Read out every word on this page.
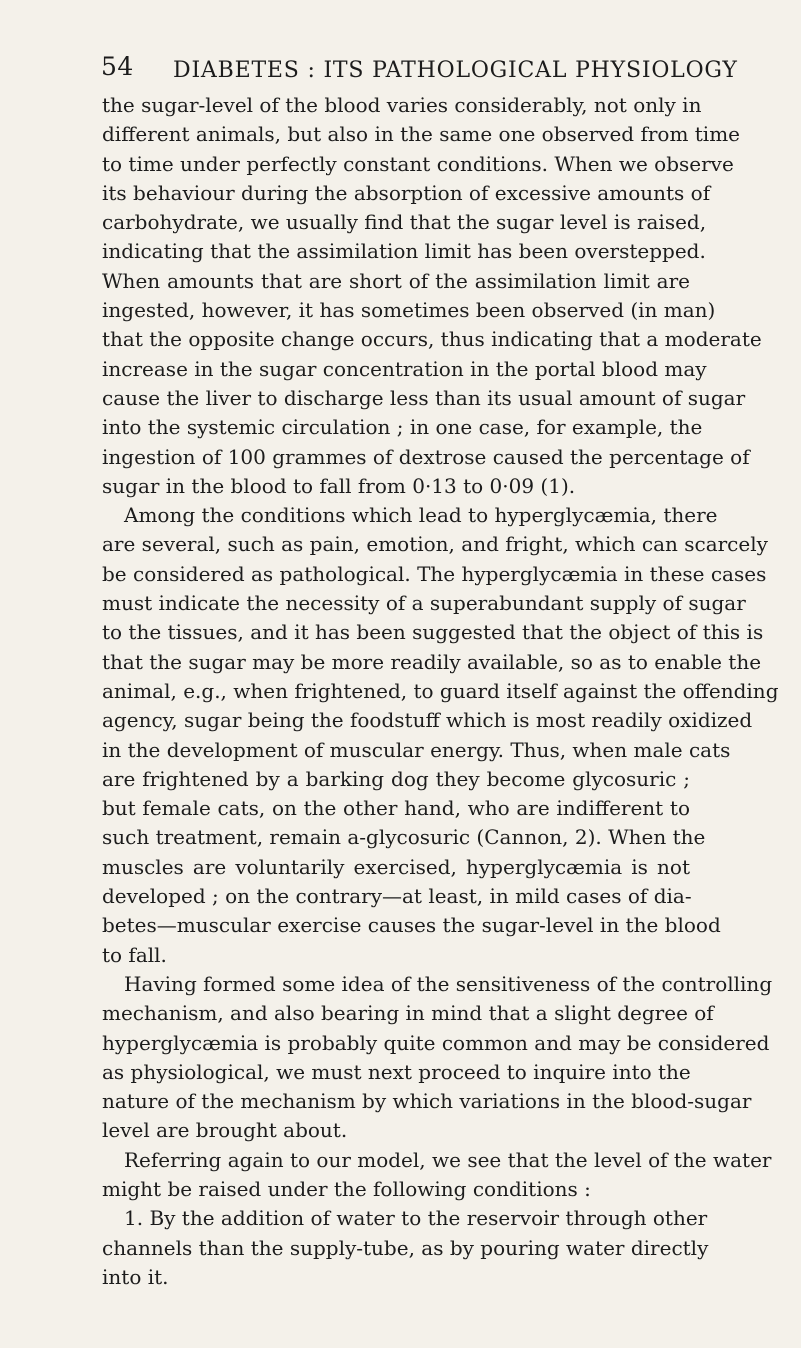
54 DIABETES : ITS PATHOLOGICAL PHYSIOLOGY
the sugar-level of the blood varies considerably, not only in
different animals, but also in the same one observed from time
to time under perfectly constant conditions. When we observe
its behaviour during the absorption of excessive amounts of
carbohydrate, we usually find that the sugar level is raised,
indicating that the assimilation limit has been overstepped.
When amounts that are short of the assimilation limit are
ingested, however, it has sometimes been observed (in man)
that the opposite change occurs, thus indicating that a moderate
increase in the sugar concentration in the portal blood may
cause the liver to discharge less than its usual amount of sugar
into the systemic circulation ; in one case, for example, the
ingestion of 100 grammes of dextrose caused the percentage of
sugar in the blood to fall from 0·13 to 0·09 (1).
Among the conditions which lead to hyperglycæmia, there
are several, such as pain, emotion, and fright, which can scarcely
be considered as pathological. The hyperglycæmia in these cases
must indicate the necessity of a superabundant supply of sugar
to the tissues, and it has been suggested that the object of this is
that the sugar may be more readily available, so as to enable the
animal, e.g., when frightened, to guard itself against the offending
agency, sugar being the foodstuff which is most readily oxidized
in the development of muscular energy. Thus, when male cats
are frightened by a barking dog they become glycosuric ;
but female cats, on the other hand, who are indifferent to
such treatment, remain a-glycosuric (Cannon, 2). When the
muscles are voluntarily exercised, hyperglycæmia is not
developed ; on the contrary—at least, in mild cases of dia-
betes—muscular exercise causes the sugar-level in the blood
to fall.
Having formed some idea of the sensitiveness of the controlling
mechanism, and also bearing in mind that a slight degree of
hyperglycæmia is probably quite common and may be considered
as physiological, we must next proceed to inquire into the
nature of the mechanism by which variations in the blood-sugar
level are brought about.
Referring again to our model, we see that the level of the water
might be raised under the following conditions :
1. By the addition of water to the reservoir through other
channels than the supply-tube, as by pouring water directly
into it.
